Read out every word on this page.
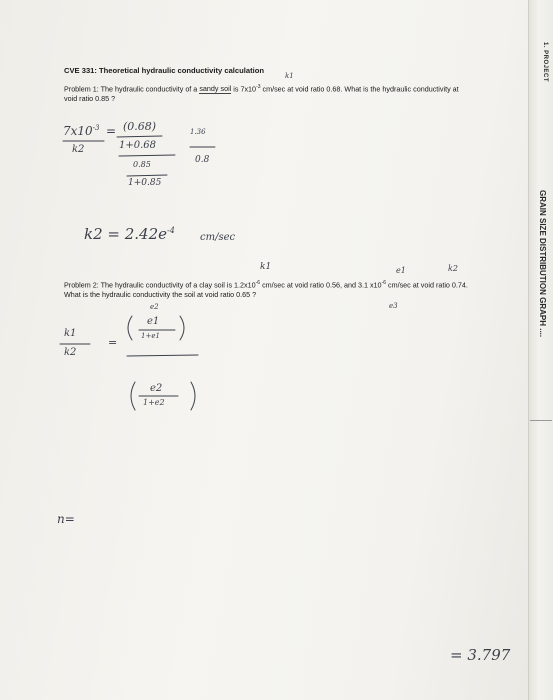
1. PROJECT
GRAIN SIZE DISTRIBUTION GRAPH ....
CVE 331: Theoretical hydraulic conductivity calculation
Problem 1: The hydraulic conductivity of a sandy soil is $7x10^{-3}$ cm/sec at void ratio 0.68. What is the hydraulic conductivity at void ratio 0.85 ?
Problem 2: The hydraulic conductivity of a clay soil is $1.2x10^{-6}$ cm/sec at void ratio 0.56, and 3.1 $x10^{-6}$ cm/sec at void ratio 0.74. What is the hydraulic conductivity the soil at void ratio 0.65 ?
k1
$7x10^{-3}$ =
k2
(0.68)
1+0.68
0.85
1+0.85
1.36
0.8
$k2 = 2.42e^{-4}$
cm/sec
k1	e1	k2
e2	e3
k1
k2
=
e1
1+e1
e2
1+e2
n=
= 3.797
